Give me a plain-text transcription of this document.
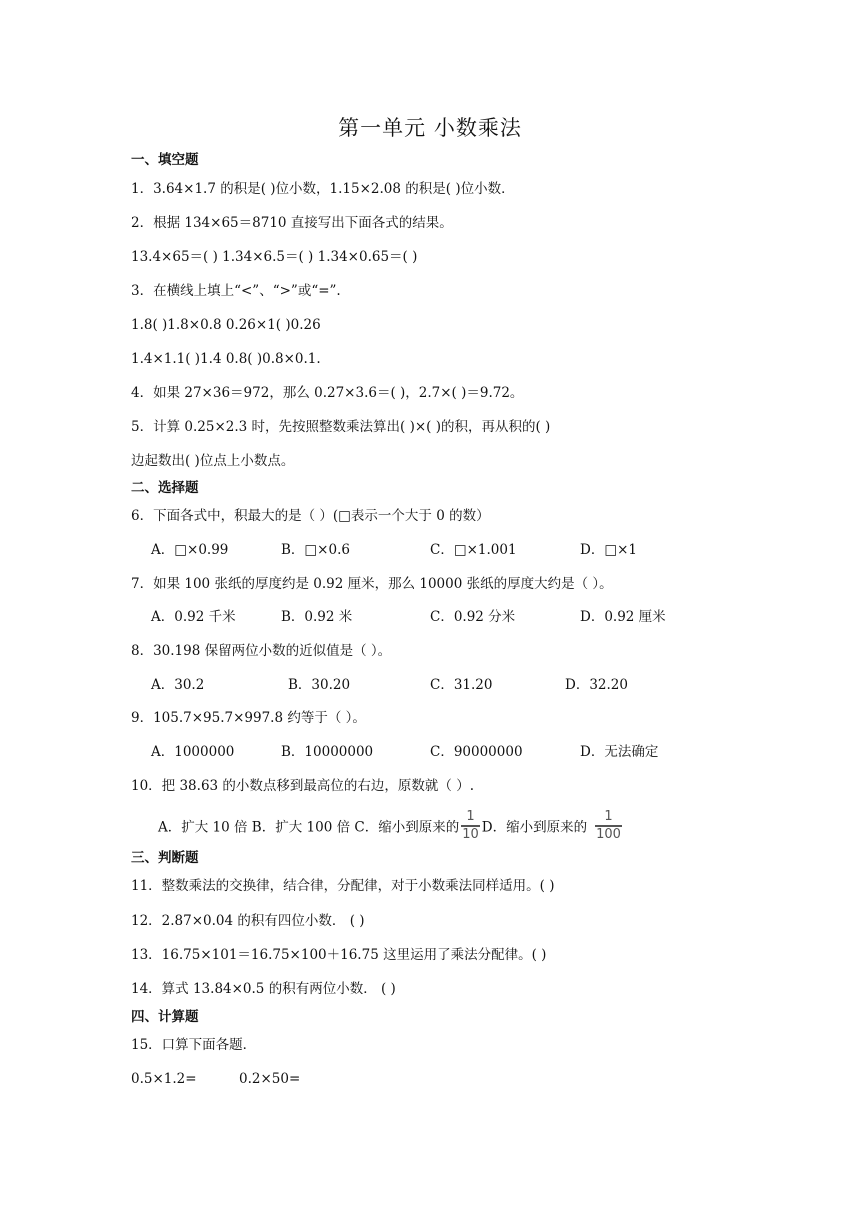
第一单元 小数乘法
一、填空题
1．3.64×1.7 的积是( )位小数，1.15×2.08 的积是( )位小数．
2．根据 134×65＝8710 直接写出下面各式的结果。
13.4×65＝( ) 1.34×6.5＝( ) 1.34×0.65＝( )
3．在横线上填上“<”、“>”或“=”.
1.8( )1.8×0.8 0.26×1( )0.26
1.4×1.1( )1.4 0.8( )0.8×0.1.
4．如果 27×36＝972，那么 0.27×3.6＝( )，2.7×( )＝9.72。
5．计算 0.25×2.3 时，先按照整数乘法算出( )×( )的积，再从积的( )
边起数出( )位点上小数点。
二、选择题
6．下面各式中，积最大的是（ ）(□表示一个大于 0 的数）
A．□×0.99	B．□×0.6	C．□×1.001	D．□×1
7．如果 100 张纸的厚度约是 0.92 厘米，那么 10000 张纸的厚度大约是（ ）。
A．0.92 千米	B．0.92 米	C．0.92 分米	D．0.92 厘米
8．30.198 保留两位小数的近似值是（ ）。
A．30.2	B．30.20	C．31.20	D．32.20
9．105.7×95.7×997.8 约等于（ ）。
A．1000000	B．10000000	C．90000000	D．无法确定
10．把 38.63 的小数点移到最高位的右边，原数就（ ）.
A．扩大 10 倍 B．扩大 100 倍 C．缩小到原来的 $\frac{1}{10}$ D．缩小到原来的 $\frac{1}{100}$
三、判断题
11．整数乘法的交换律，结合律，分配律，对于小数乘法同样适用。( )
12．2.87×0.04 的积有四位小数． ( )
13．16.75×101＝16.75×100＋16.75 这里运用了乘法分配律。( )
14．算式 13.84×0.5 的积有两位小数． ( )
四、计算题
15．口算下面各题．
0.5×1.2=	0.2×50=
